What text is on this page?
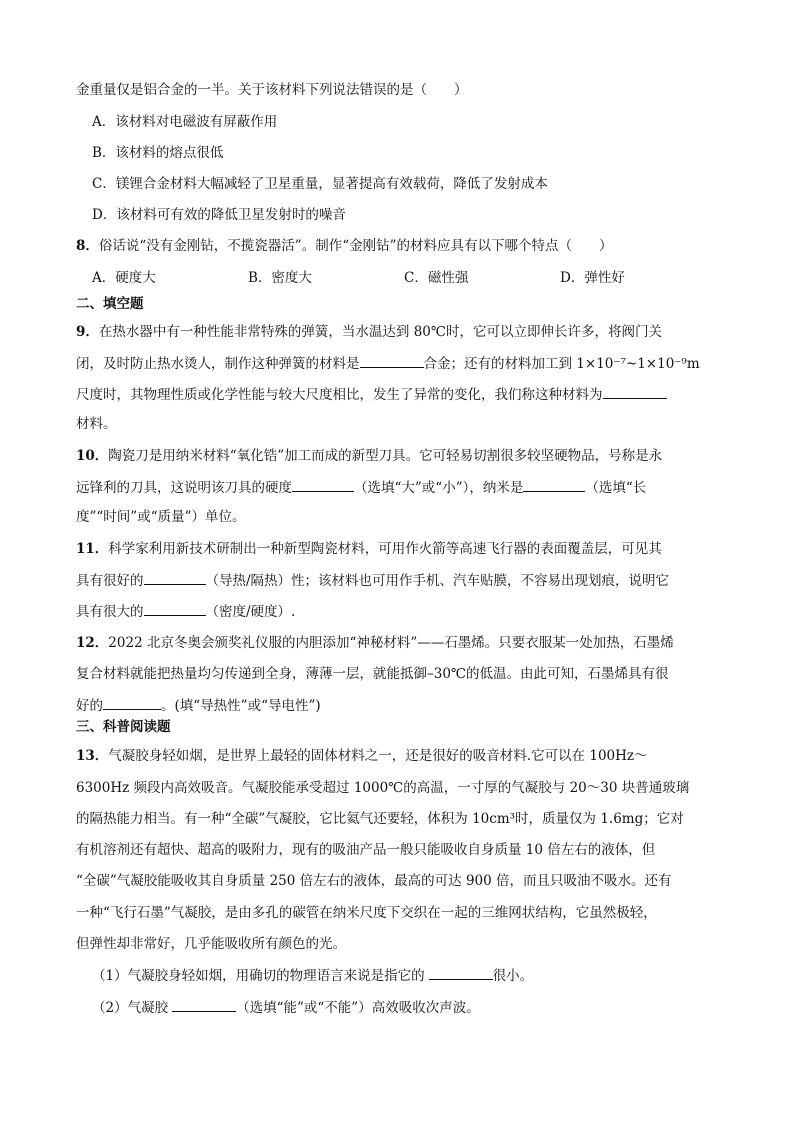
金重量仅是铝合金的一半。关于该材料下列说法错误的是（　　）
A．该材料对电磁波有屏蔽作用
B．该材料的熔点很低
C．镁锂合金材料大幅减轻了卫星重量，显著提高有效载荷，降低了发射成本
D．该材料可有效的降低卫星发射时的噪音
8．俗话说“没有金刚钻，不揽瓷器活”。制作“金刚钻”的材料应具有以下哪个特点（　　）
A．硬度大	B．密度大	C．磁性强	D．弹性好
二、填空题
9．在热水器中有一种性能非常特殊的弹簧，当水温达到 80℃时，它可以立即伸长许多，将阀门关
闭，及时防止热水烫人，制作这种弹簧的材料是	合金；还有的材料加工到 1×10⁻⁷~1×10⁻⁹m
尺度时，其物理性质或化学性能与较大尺度相比，发生了异常的变化，我们称这种材料为
材料。
10．陶瓷刀是用纳米材料“氧化锆”加工而成的新型刀具。它可轻易切割很多较坚硬物品，号称是永
远锋利的刀具，这说明该刀具的硬度	（选填“大”或“小”），纳米是	（选填“长
度”“时间”或“质量”）单位。
11．科学家利用新技术研制出一种新型陶瓷材料，可用作火箭等高速飞行器的表面覆盖层，可见其
具有很好的	（导热/隔热）性；该材料也可用作手机、汽车贴膜，不容易出现划痕，说明它
具有很大的	（密度/硬度）.
12．2022 北京冬奥会颁奖礼仪服的内胆添加“神秘材料”——石墨烯。只要衣服某一处加热，石墨烯
复合材料就能把热量均匀传递到全身，薄薄一层，就能抵御–30℃的低温。由此可知，石墨烯具有很
好的	。(填“导热性”或“导电性”)
三、科普阅读题
13．气凝胶身轻如烟，是世界上最轻的固体材料之一，还是很好的吸音材料.它可以在 100Hz～
6300Hz 频段内高效吸音。气凝胶能承受超过 1000℃的高温，一寸厚的气凝胶与 20～30 块普通玻璃
的隔热能力相当。有一种“全碳”气凝胶，它比氦气还要轻，体积为 10cm³时，质量仅为 1.6mg；它对
有机溶剂还有超快、超高的吸附力，现有的吸油产品一般只能吸收自身质量 10 倍左右的液体，但
“全碳”气凝胶能吸收其自身质量 250 倍左右的液体，最高的可达 900 倍，而且只吸油不吸水。还有
一种“飞行石墨”气凝胶，是由多孔的碳管在纳米尺度下交织在一起的三维网状结构，它虽然极轻，
但弹性却非常好，几乎能吸收所有颜色的光。
（1）气凝胶身轻如烟，用确切的物理语言来说是指它的	很小。
（2）气凝胶	（选填“能”或“不能”）高效吸收次声波。
